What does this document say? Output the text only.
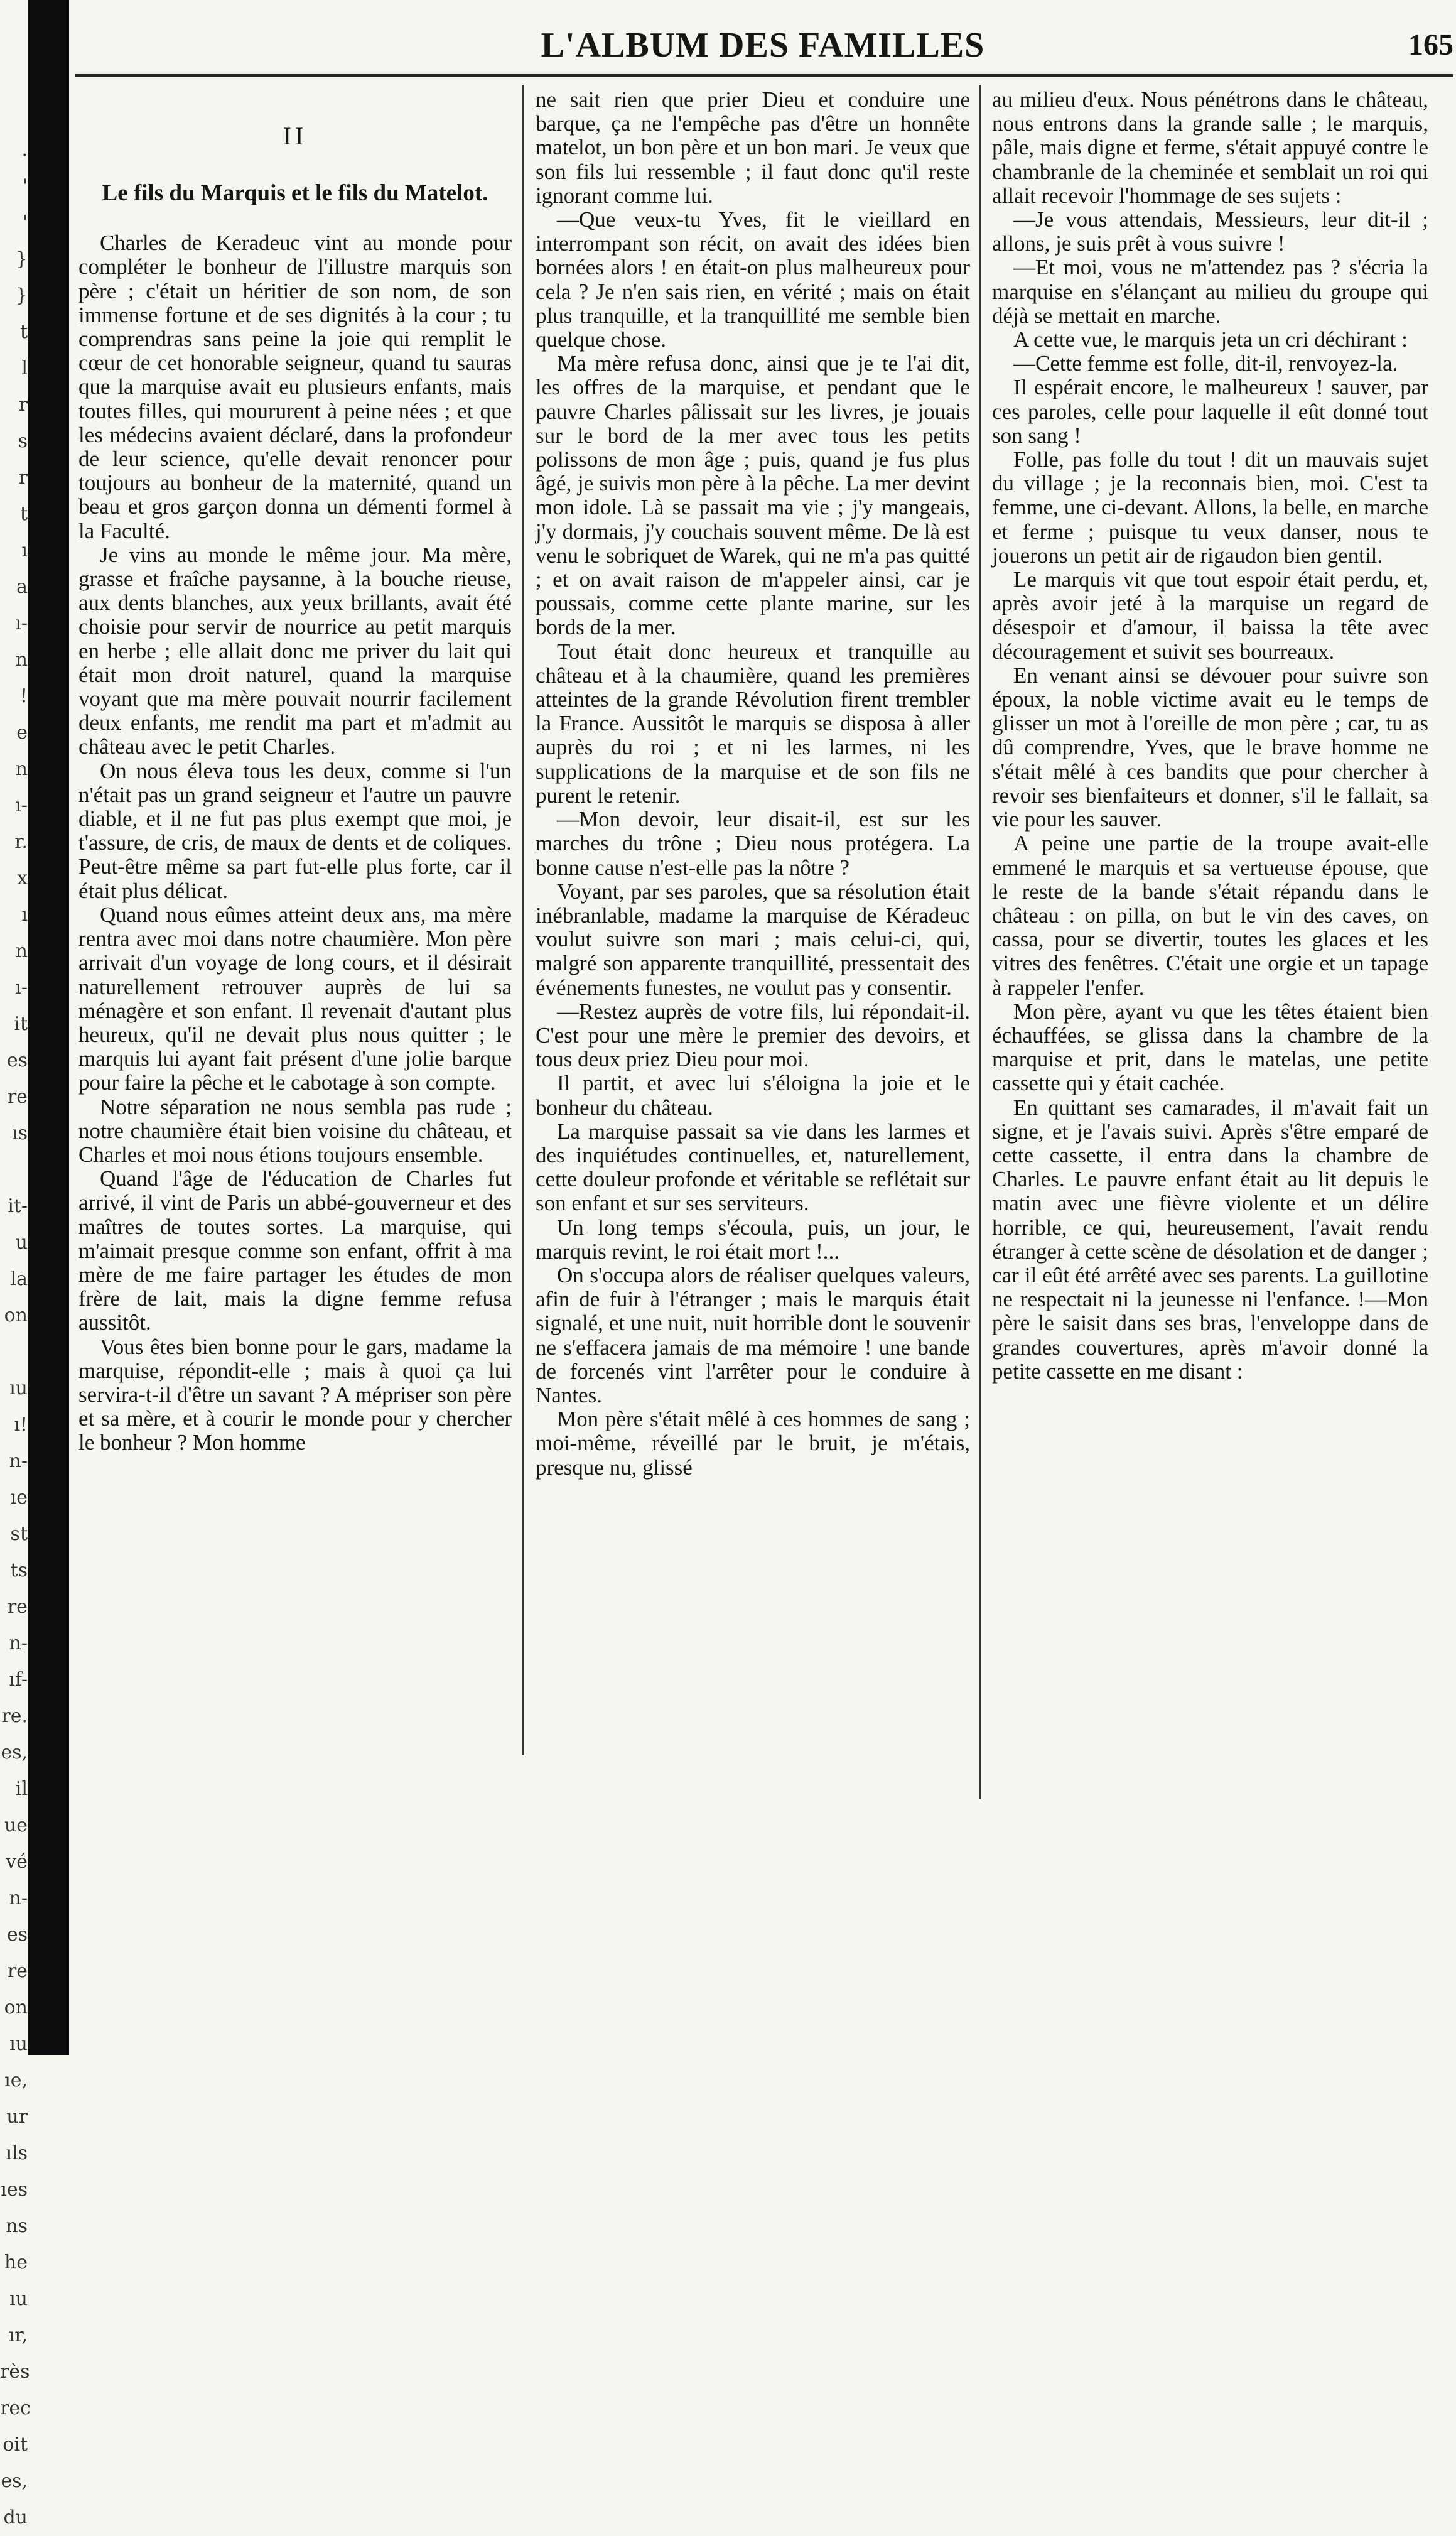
.
'
'
}
}
t
l
r
s
r
t
ı
a
ı-
n
!
e
n
ı-
r.
x
ı
n
ı-
it
es
re
ıs
it-
u
la
on
ıu
ı!
n-
ıe
st
ts
re
n-
ıf-
re.
es,
il
ue
vé
n-
es
re
on
ıu
ıe,
ur
ıls
ıes
ns
he
ıu
ır,
rès
rec
oit
es,
du
L'ALBUM DES FAMILLES	165
II
Le fils du Marquis et le fils du Matelot.

Charles de Keradeuc vint au monde pour compléter le bonheur de l'illustre marquis son père ; c'était un héritier de son nom, de son immense fortune et de ses dignités à la cour ; tu comprendras sans peine la joie qui remplit le cœur de cet honorable seigneur, quand tu sauras que la marquise avait eu plusieurs enfants, mais toutes filles, qui moururent à peine nées ; et que les médecins avaient déclaré, dans la profondeur de leur science, qu'elle devait renoncer pour toujours au bonheur de la maternité, quand un beau et gros garçon donna un démenti formel à la Faculté.

Je vins au monde le même jour. Ma mère, grasse et fraîche paysanne, à la bouche rieuse, aux dents blanches, aux yeux brillants, avait été choisie pour servir de nourrice au petit marquis en herbe ; elle allait donc me priver du lait qui était mon droit naturel, quand la marquise voyant que ma mère pouvait nourrir facilement deux enfants, me rendit ma part et m'admit au château avec le petit Charles.

On nous éleva tous les deux, comme si l'un n'était pas un grand seigneur et l'autre un pauvre diable, et il ne fut pas plus exempt que moi, je t'assure, de cris, de maux de dents et de coliques. Peut-être même sa part fut-elle plus forte, car il était plus délicat.

Quand nous eûmes atteint deux ans, ma mère rentra avec moi dans notre chaumière. Mon père arrivait d'un voyage de long cours, et il désirait naturellement retrouver auprès de lui sa ménagère et son enfant. Il revenait d'autant plus heureux, qu'il ne devait plus nous quitter ; le marquis lui ayant fait présent d'une jolie barque pour faire la pêche et le cabotage à son compte.

Notre séparation ne nous sembla pas rude ; notre chaumière était bien voisine du château, et Charles et moi nous étions toujours ensemble.

Quand l'âge de l'éducation de Charles fut arrivé, il vint de Paris un abbé-gouverneur et des maîtres de toutes sortes. La marquise, qui m'aimait presque comme son enfant, offrit à ma mère de me faire partager les études de mon frère de lait, mais la digne femme refusa aussitôt.

Vous êtes bien bonne pour le gars, madame la marquise, répondit-elle ; mais à quoi ça lui servira-t-il d'être un savant ? A mépriser son père et sa mère, et à courir le monde pour y chercher le bonheur ? Mon homme

ne sait rien que prier Dieu et conduire une barque, ça ne l'empêche pas d'être un honnête matelot, un bon père et un bon mari. Je veux que son fils lui ressemble ; il faut donc qu'il reste ignorant comme lui.

—Que veux-tu Yves, fit le vieillard en interrompant son récit, on avait des idées bien bornées alors ! en était-on plus malheureux pour cela ? Je n'en sais rien, en vérité ; mais on était plus tranquille, et la tranquillité me semble bien quelque chose.

Ma mère refusa donc, ainsi que je te l'ai dit, les offres de la marquise, et pendant que le pauvre Charles pâlissait sur les livres, je jouais sur le bord de la mer avec tous les petits polissons de mon âge ; puis, quand je fus plus âgé, je suivis mon père à la pêche. La mer devint mon idole. Là se passait ma vie ; j'y mangeais, j'y dormais, j'y couchais souvent même. De là est venu le sobriquet de Warek, qui ne m'a pas quitté ; et on avait raison de m'appeler ainsi, car je poussais, comme cette plante marine, sur les bords de la mer.

Tout était donc heureux et tranquille au château et à la chaumière, quand les premières atteintes de la grande Révolution firent trembler la France. Aussitôt le marquis se disposa à aller auprès du roi ; et ni les larmes, ni les supplications de la marquise et de son fils ne purent le retenir.

—Mon devoir, leur disait-il, est sur les marches du trône ; Dieu nous protégera. La bonne cause n'est-elle pas la nôtre ?

Voyant, par ses paroles, que sa résolution était inébranlable, madame la marquise de Kéradeuc voulut suivre son mari ; mais celui-ci, qui, malgré son apparente tranquillité, pressentait des événements funestes, ne voulut pas y consentir.

—Restez auprès de votre fils, lui répondait-il. C'est pour une mère le premier des devoirs, et tous deux priez Dieu pour moi.

Il partit, et avec lui s'éloigna la joie et le bonheur du château.

La marquise passait sa vie dans les larmes et des inquiétudes continuelles, et, naturellement, cette douleur profonde et véritable se reflétait sur son enfant et sur ses serviteurs.

Un long temps s'écoula, puis, un jour, le marquis revint, le roi était mort !...

On s'occupa alors de réaliser quelques valeurs, afin de fuir à l'étranger ; mais le marquis était signalé, et une nuit, nuit horrible dont le souvenir ne s'effacera jamais de ma mémoire ! une bande de forcenés vint l'arrêter pour le conduire à Nantes.

Mon père s'était mêlé à ces hommes de sang ; moi-même, réveillé par le bruit, je m'étais, presque nu, glissé

au milieu d'eux. Nous pénétrons dans le château, nous entrons dans la grande salle ; le marquis, pâle, mais digne et ferme, s'était appuyé contre le chambranle de la cheminée et semblait un roi qui allait recevoir l'hommage de ses sujets :

—Je vous attendais, Messieurs, leur dit-il ; allons, je suis prêt à vous suivre !

—Et moi, vous ne m'attendez pas ? s'écria la marquise en s'élançant au milieu du groupe qui déjà se mettait en marche.

A cette vue, le marquis jeta un cri déchirant :

—Cette femme est folle, dit-il, renvoyez-la.

Il espérait encore, le malheureux ! sauver, par ces paroles, celle pour laquelle il eût donné tout son sang !

Folle, pas folle du tout ! dit un mauvais sujet du village ; je la reconnais bien, moi. C'est ta femme, une ci-devant. Allons, la belle, en marche et ferme ; puisque tu veux danser, nous te jouerons un petit air de rigaudon bien gentil.

Le marquis vit que tout espoir était perdu, et, après avoir jeté à la marquise un regard de désespoir et d'amour, il baissa la tête avec découragement et suivit ses bourreaux.

En venant ainsi se dévouer pour suivre son époux, la noble victime avait eu le temps de glisser un mot à l'oreille de mon père ; car, tu as dû comprendre, Yves, que le brave homme ne s'était mêlé à ces bandits que pour chercher à revoir ses bienfaiteurs et donner, s'il le fallait, sa vie pour les sauver.

A peine une partie de la troupe avait-elle emmené le marquis et sa vertueuse épouse, que le reste de la bande s'était répandu dans le château : on pilla, on but le vin des caves, on cassa, pour se divertir, toutes les glaces et les vitres des fenêtres. C'était une orgie et un tapage à rappeler l'enfer.

Mon père, ayant vu que les têtes étaient bien échauffées, se glissa dans la chambre de la marquise et prit, dans le matelas, une petite cassette qui y était cachée.

En quittant ses camarades, il m'avait fait un signe, et je l'avais suivi. Après s'être emparé de cette cassette, il entra dans la chambre de Charles. Le pauvre enfant était au lit depuis le matin avec une fièvre violente et un délire horrible, ce qui, heureusement, l'avait rendu étranger à cette scène de désolation et de danger ; car il eût été arrêté avec ses parents. La guillotine ne respectait ni la jeunesse ni l'enfance. !—Mon père le saisit dans ses bras, l'enveloppe dans de grandes couvertures, après m'avoir donné la petite cassette en me disant :
